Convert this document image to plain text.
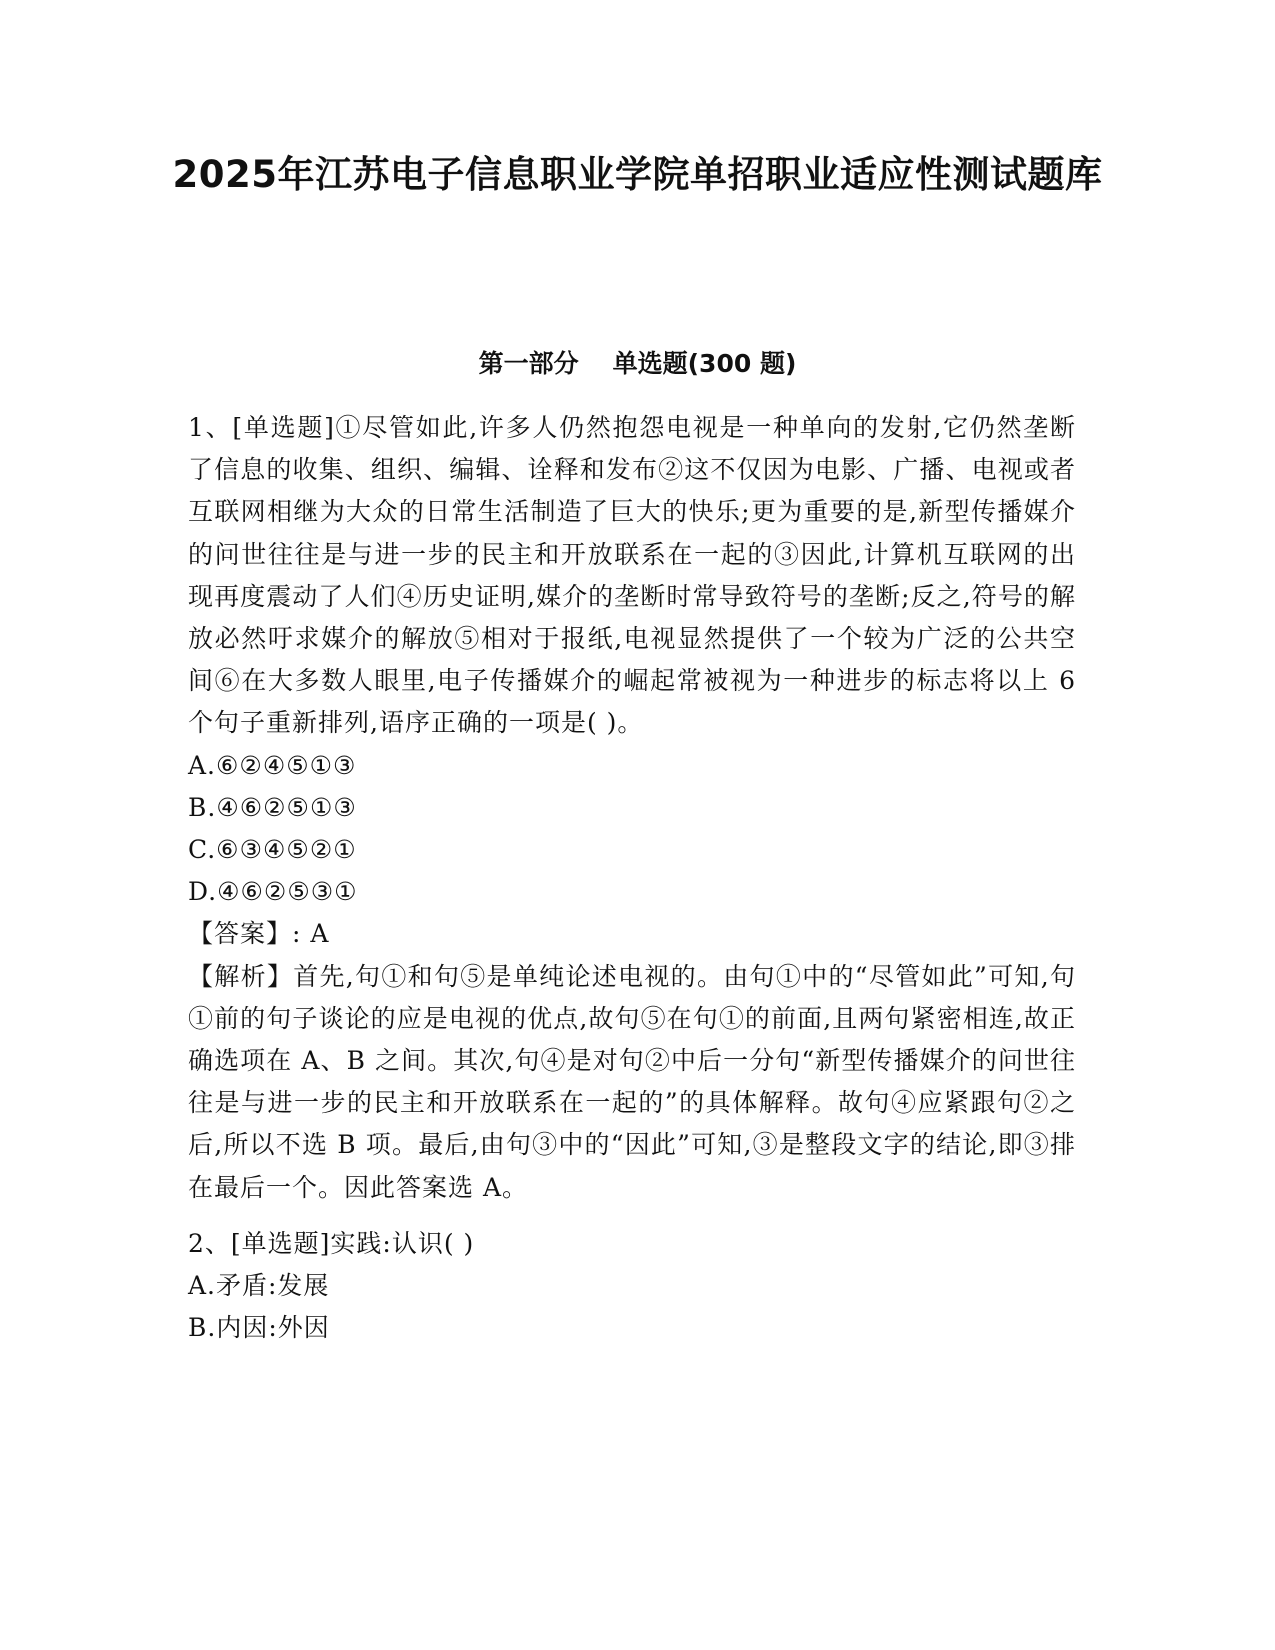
2025年江苏电子信息职业学院单招职业适应性测试题库
第一部分 单选题(300 题)

1、[单选题]①尽管如此,许多人仍然抱怨电视是一种单向的发射,它仍然垄断了信息的收集、组织、编辑、诠释和发布②这不仅因为电影、广播、电视或者互联网相继为大众的日常生活制造了巨大的快乐;更为重要的是,新型传播媒介的问世往往是与进一步的民主和开放联系在一起的③因此,计算机互联网的出现再度震动了人们④历史证明,媒介的垄断时常导致符号的垄断;反之,符号的解放必然吁求媒介的解放⑤相对于报纸,电视显然提供了一个较为广泛的公共空间⑥在大多数人眼里,电子传播媒介的崛起常被视为一种进步的标志将以上 6 个句子重新排列,语序正确的一项是( )。

A.⑥②④⑤①③

B.④⑥②⑤①③

C.⑥③④⑤②①

D.④⑥②⑤③①

【答案】: A

【解析】首先,句①和句⑤是单纯论述电视的。由句①中的“尽管如此”可知,句①前的句子谈论的应是电视的优点,故句⑤在句①的前面,且两句紧密相连,故正确选项在 A、B 之间。其次,句④是对句②中后一分句“新型传播媒介的问世往往是与进一步的民主和开放联系在一起的”的具体解释。故句④应紧跟句②之后,所以不选 B 项。最后,由句③中的“因此”可知,③是整段文字的结论,即③排在最后一个。因此答案选 A。

2、[单选题]实践:认识( )

A.矛盾:发展

B.内因:外因
